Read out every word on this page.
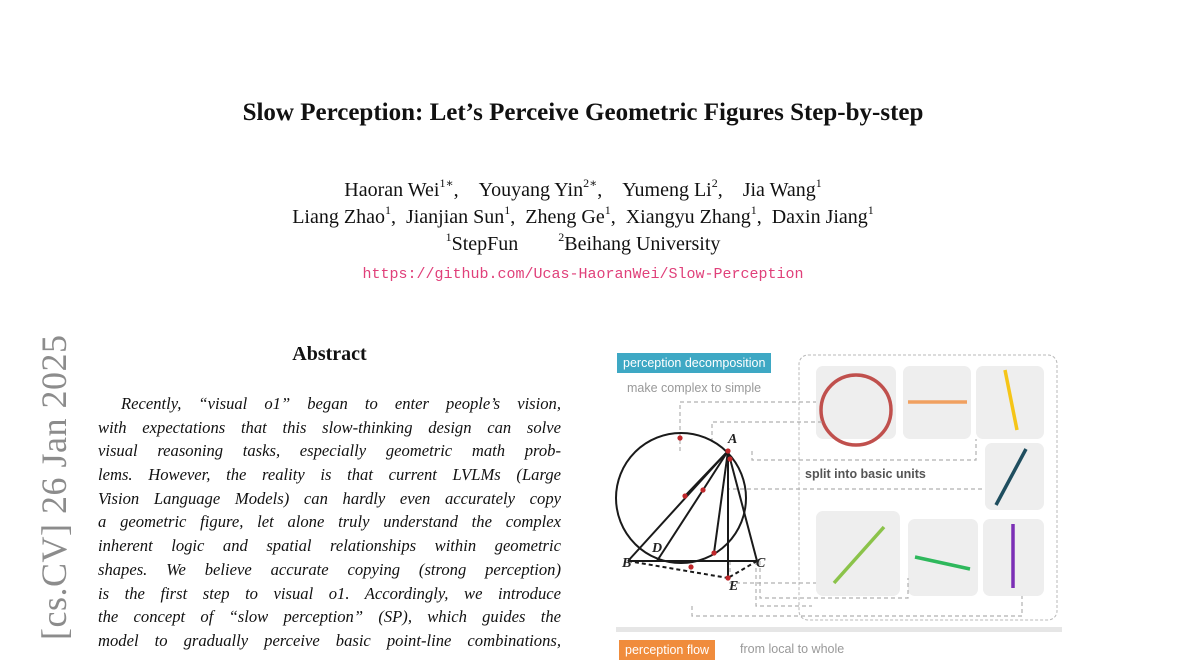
Slow Perception: Let’s Perceive Geometric Figures Step-by-step
Haoran Wei$^{1∗}$, Youyang Yin$^{2∗}$, Yumeng Li$^2$, Jia Wang$^1$
Liang Zhao$^1$, Jianjian Sun$^1$, Zheng Ge$^1$, Xiangyu Zhang$^1$, Daxin Jiang$^1$
$^1$StepFun  	$^2$Beihang University
https://github.com/Ucas-HaoranWei/Slow-Perception
[cs.CV] 26 Jan 2025	Abstract
Recently, “visual o1” began to enter people’s vision,
with expectations that this slow-thinking design can solve
visual reasoning tasks, especially geometric math prob-
lems. However, the reality is that current LVLMs (Large
Vision Language Models) can hardly even accurately copy
a geometric figure, let alone truly understand the complex
inherent logic and spatial relationships within geometric
shapes. We believe accurate copying (strong perception)
is the first step to visual o1. Accordingly, we introduce
the concept of “slow perception” (SP), which guides the
model to gradually perceive basic point-line combinations,
A
B
D
C
E
perception decomposition
make complex to simple
split into basic units
perception flow	from local to whole
